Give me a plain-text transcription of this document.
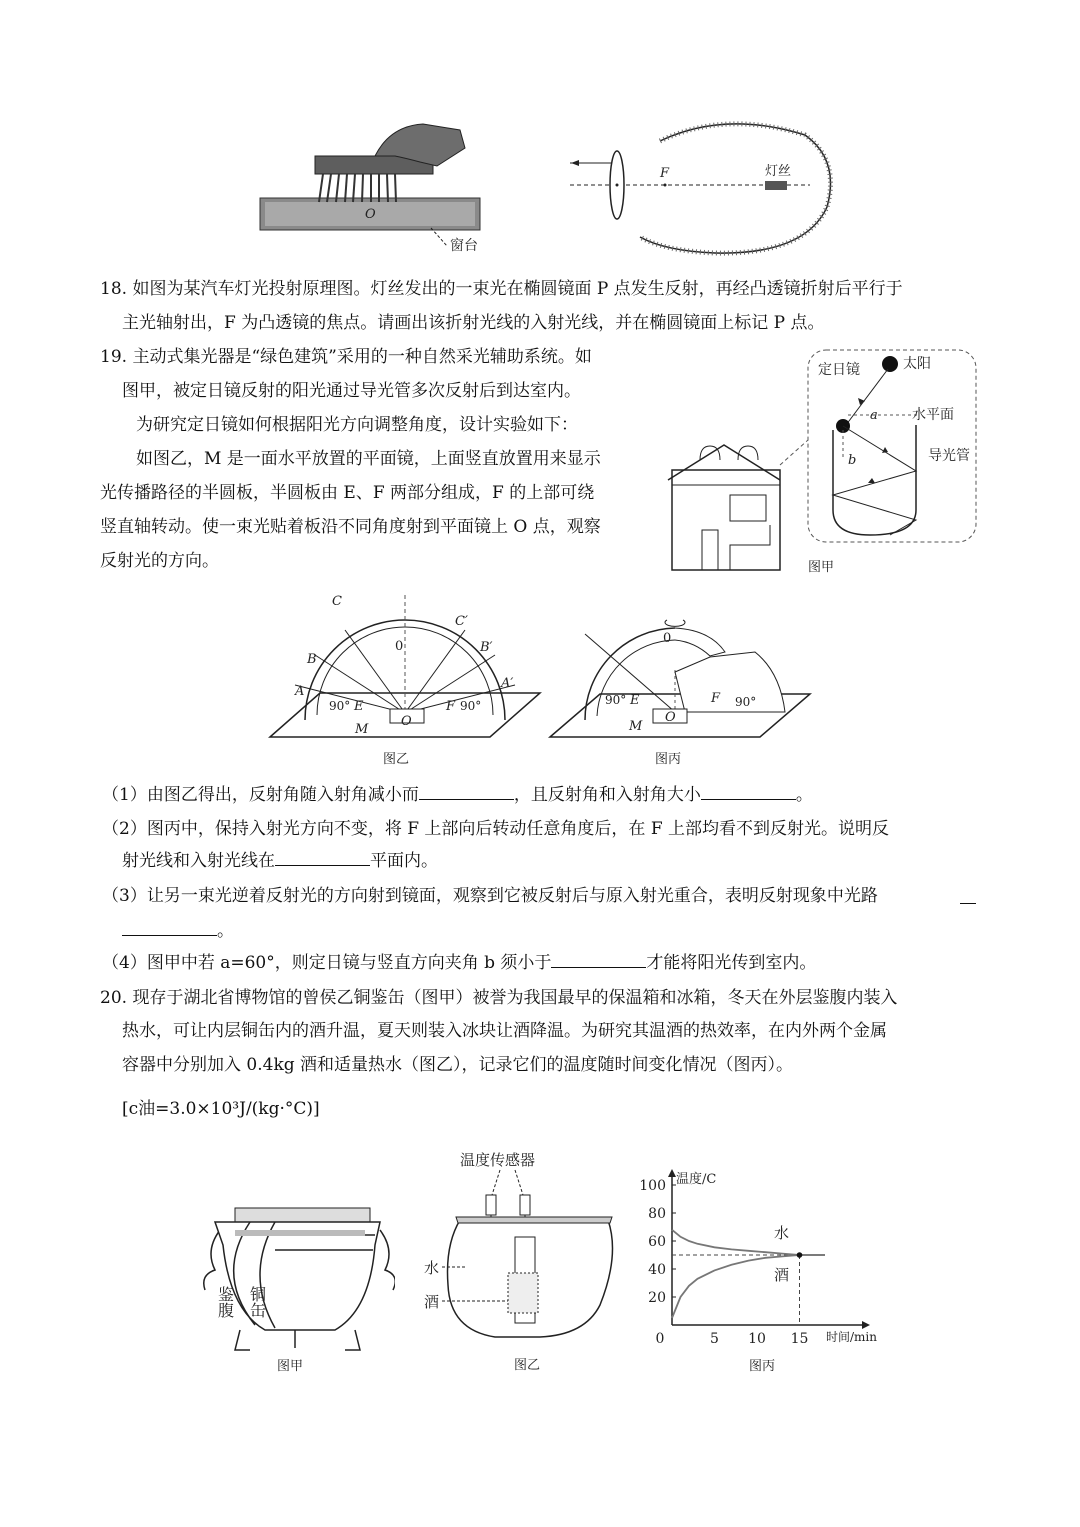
O
窗台
F	灯丝
18. 如图为某汽车灯光投射原理图。灯丝发出的一束光在椭圆镜面 P 点发生反射，再经凸透镜折射后平行于
主光轴射出，F 为凸透镜的焦点。请画出该折射光线的入射光线，并在椭圆镜面上标记 P 点。
19. 主动式集光器是“绿色建筑”采用的一种自然采光辅助系统。如
图甲，被定日镜反射的阳光通过导光管多次反射后到达室内。
为研究定日镜如何根据阳光方向调整角度，设计实验如下：
如图乙，M 是一面水平放置的平面镜，上面竖直放置用来显示
光传播路径的半圆板，半圆板由 E、F 两部分组成，F 的上部可绕
竖直轴转动。使一束光贴着板沿不同角度射到平面镜上 O 点，观察
反射光的方向。
定日镜	太阳
a
b
水平面
导光管
图甲
C
C′
B
B′
A
A′
0
E	F
O
M
90°	90°
图乙
0
E	F
O
M
90°	90°
图丙
（1）由图乙得出，反射角随入射角减小而	，且反射角和入射角大小	。
（2）图丙中，保持入射光方向不变，将 F 上部向后转动任意角度后，在 F 上部均看不到反射光。说明反
射光线和入射光线在	平面内。
（3）让另一束光逆着反射光的方向射到镜面，观察到它被反射后与原入射光重合，表明反射现象中光路
。
（4）图甲中若 a=60°，则定日镜与竖直方向夹角 b 须小于	才能将阳光传到室内。
20. 现存于湖北省博物馆的曾侯乙铜鉴缶（图甲）被誉为我国最早的保温箱和冰箱，冬天在外层鉴腹内装入
热水，可让内层铜缶内的酒升温，夏天则装入冰块让酒降温。为研究其温酒的热效率，在内外两个金属
容器中分别加入 0.4kg 酒和适量热水（图乙），记录它们的温度随时间变化情况（图丙）。
[c油=3.0×10³J/(kg·°C)]
鉴腹 铜缶
图甲
温度传感器
水
酒
图乙
温度/C
时间/min
20
40
60
80
100
0	5 10 15
水
酒
图丙
